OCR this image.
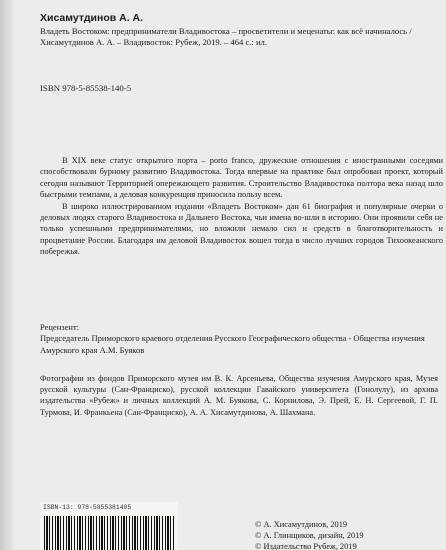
Хисамутдинов А. А.
Владеть Востоком: предприниматели Владивостока – просветители и меценаты: как всё начиналось / Хисамутдинов А. А. – Владивосток: Рубеж, 2019. – 464 с.: ил.
ISBN 978-5-85538-140-5

В XIX веке статус открытого порта – porto franco, дружеские отношения с иностранными соседями способствовали бурному развитию Владивостока. Тогда впервые на практике был опробован проект, который сегодня называют Территорией опережающего развития. Строительство Владивостока полтора века назад шло быстрыми темпами, а деловая конкуренция приносила пользу всем.

В широко иллюстрированном издании «Владеть Востоком» дан 61 биография и популярные очерки о деловых людях старого Владивостока и Дальнего Востока, чьи имена во-шли в историю. Они проявили себя не только успешными предпринимателями, но вложили немало сил и средств в благотворительность и процветание России. Благодаря им деловой Владивосток вошел тогда в число лучших городов Тихоокеанского побережья.

Рецензент:
Председатель Приморского краевого отделения Русского Географического общества - Общества изучения Амурского края А.М. Буяков
Фотографии из фондов Приморского музея им В. К. Арсеньева, Общества изучения Амурского края, Музея русской культуры (Сан-Франциско), русской коллекции Гавайского университета (Гонолулу), из архива издательства «Рубеж» и личных коллекций А. М. Буякова, С. Корнилова, Э. Прей, Е. Н. Сергеевой, Г. П. Турмова, И. Франкьена (Сан-Франциско), А. А. Хисамутдинова, А. Шахмана.
ISBN-13: 978-5855381405
© А. Хисамутдинов, 2019
© А. Глинщиков, дизайн, 2019
© Издательство Рубеж, 2019
